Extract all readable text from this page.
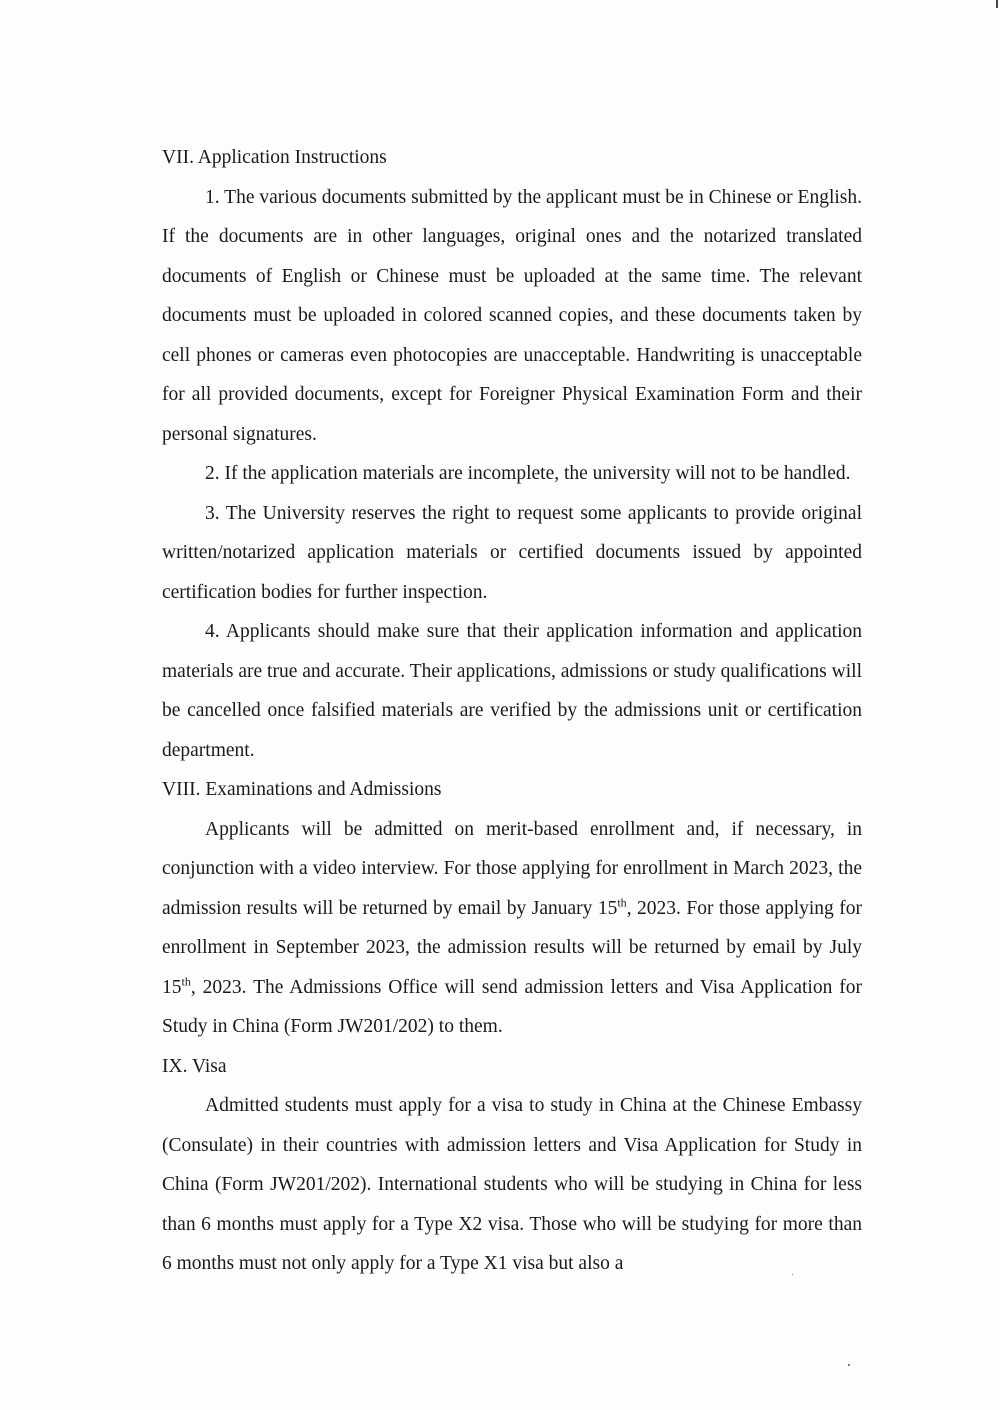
VII. Application Instructions

1. The various documents submitted by the applicant must be in Chinese or English. If the documents are in other languages, original ones and the notarized translated documents of English or Chinese must be uploaded at the same time. The relevant documents must be uploaded in colored scanned copies, and these documents taken by cell phones or cameras even photocopies are unacceptable. Handwriting is unacceptable for all provided documents, except for Foreigner Physical Examination Form and their personal signatures.

2. If the application materials are incomplete, the university will not to be handled.

3. The University reserves the right to request some applicants to provide original written/notarized application materials or certified documents issued by appointed certification bodies for further inspection.

4. Applicants should make sure that their application information and application materials are true and accurate. Their applications, admissions or study qualifications will be cancelled once falsified materials are verified by the admissions unit or certification department.

VIII. Examinations and Admissions

Applicants will be admitted on merit-based enrollment and, if necessary, in conjunction with a video interview. For those applying for enrollment in March 2023, the admission results will be returned by email by January 15th, 2023. For those applying for enrollment in September 2023, the admission results will be returned by email by July 15th, 2023. The Admissions Office will send admission letters and Visa Application for Study in China (Form JW201/202) to them.

IX. Visa

Admitted students must apply for a visa to study in China at the Chinese Embassy (Consulate) in their countries with admission letters and Visa Application for Study in China (Form JW201/202). International students who will be studying in China for less than 6 months must apply for a Type X2 visa. Those who will be studying for more than 6 months must not only apply for a Type X1 visa but also a
